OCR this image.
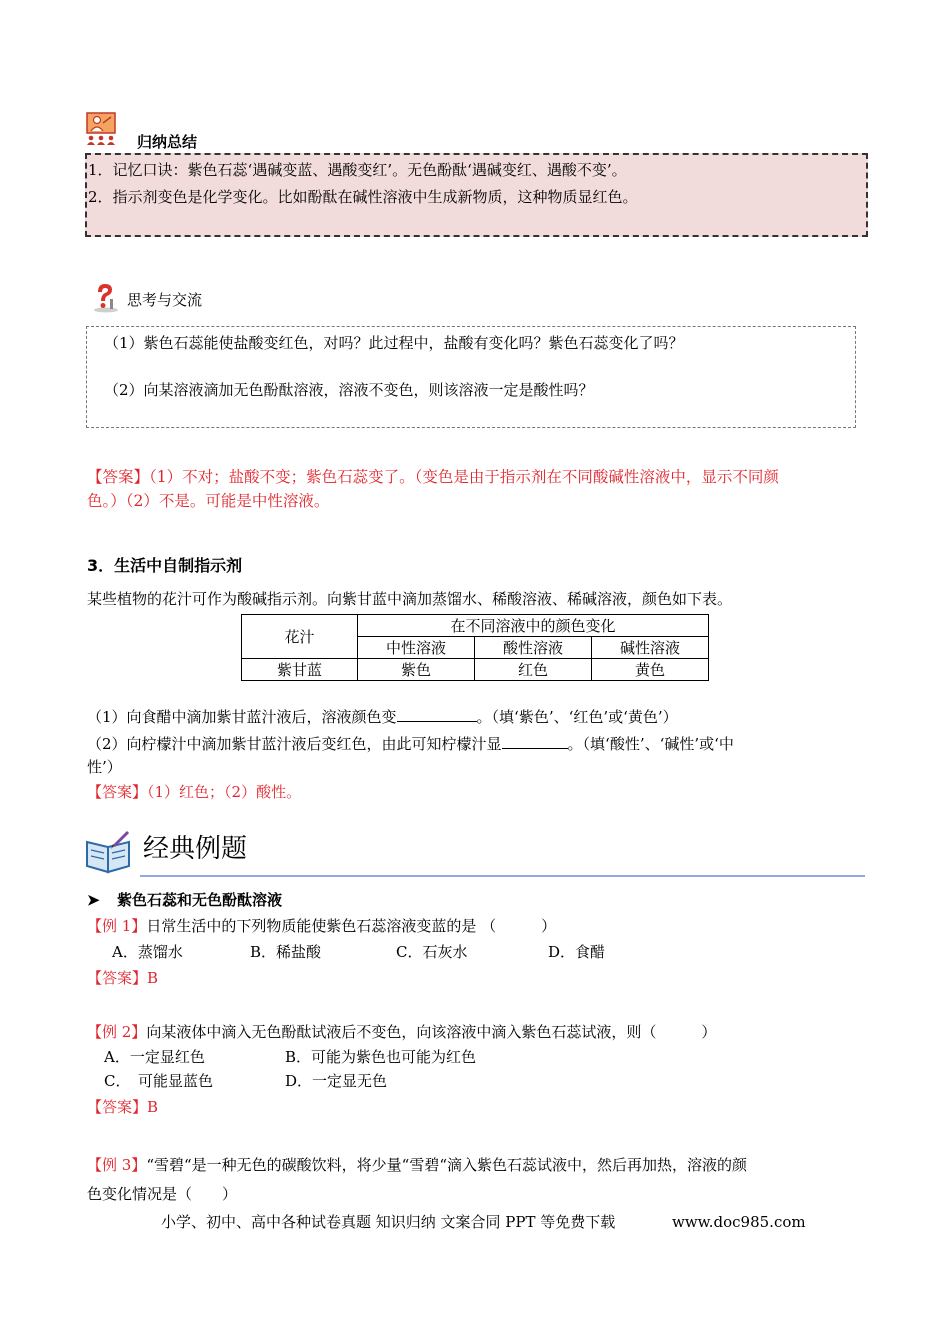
归纳总结
1．记忆口诀：紫色石蕊‘遇碱变蓝、遇酸变红’。无色酚酞‘遇碱变红、遇酸不变’。
2．指示剂变色是化学变化。比如酚酞在碱性溶液中生成新物质，这种物质显红色。
思考与交流
（1）紫色石蕊能使盐酸变红色，对吗？此过程中，盐酸有变化吗？紫色石蕊变化了吗？
（2）向某溶液滴加无色酚酞溶液，溶液不变色，则该溶液一定是酸性吗？
【答案】（1）不对；盐酸不变；紫色石蕊变了。（变色是由于指示剂在不同酸碱性溶液中，显示不同颜
色。）（2）不是。可能是中性溶液。
3．生活中自制指示剂
某些植物的花汁可作为酸碱指示剂。向紫甘蓝中滴加蒸馏水、稀酸溶液、稀碱溶液，颜色如下表。
花汁	在不同溶液中的颜色变化		
	中性溶液	酸性溶液	碱性溶液
紫甘蓝	紫色	红色	黄色
（1）向食醋中滴加紫甘蓝汁液后，溶液颜色变	。（填‘紫色’、‘红色’或‘黄色’）
（2）向柠檬汁中滴加紫甘蓝汁液后变红色，由此可知柠檬汁显	。（填‘酸性’、‘碱性’或‘中
性’）
【答案】（1）红色；（2）酸性。
经典例题
➤ 紫色石蕊和无色酚酞溶液
【例 1】日常生活中的下列物质能使紫色石蕊溶液变蓝的是 （　　　）
A．蒸馏水	B．稀盐酸	C．石灰水	D．食醋
【答案】B
【例 2】向某液体中滴入无色酚酞试液后不变色，向该溶液中滴入紫色石蕊试液，则（　　　）
A．一定显红色	B．可能为紫色也可能为红色
C．　可能显蓝色	D．一定显无色
【答案】B
【例 3】“雪碧“是一种无色的碳酸饮料，将少量“雪碧“滴入紫色石蕊试液中，然后再加热，溶液的颜
色变化情况是（　　）
小学、初中、高中各种试卷真题 知识归纳 文案合同 PPT 等免费下载	www.doc985.com
